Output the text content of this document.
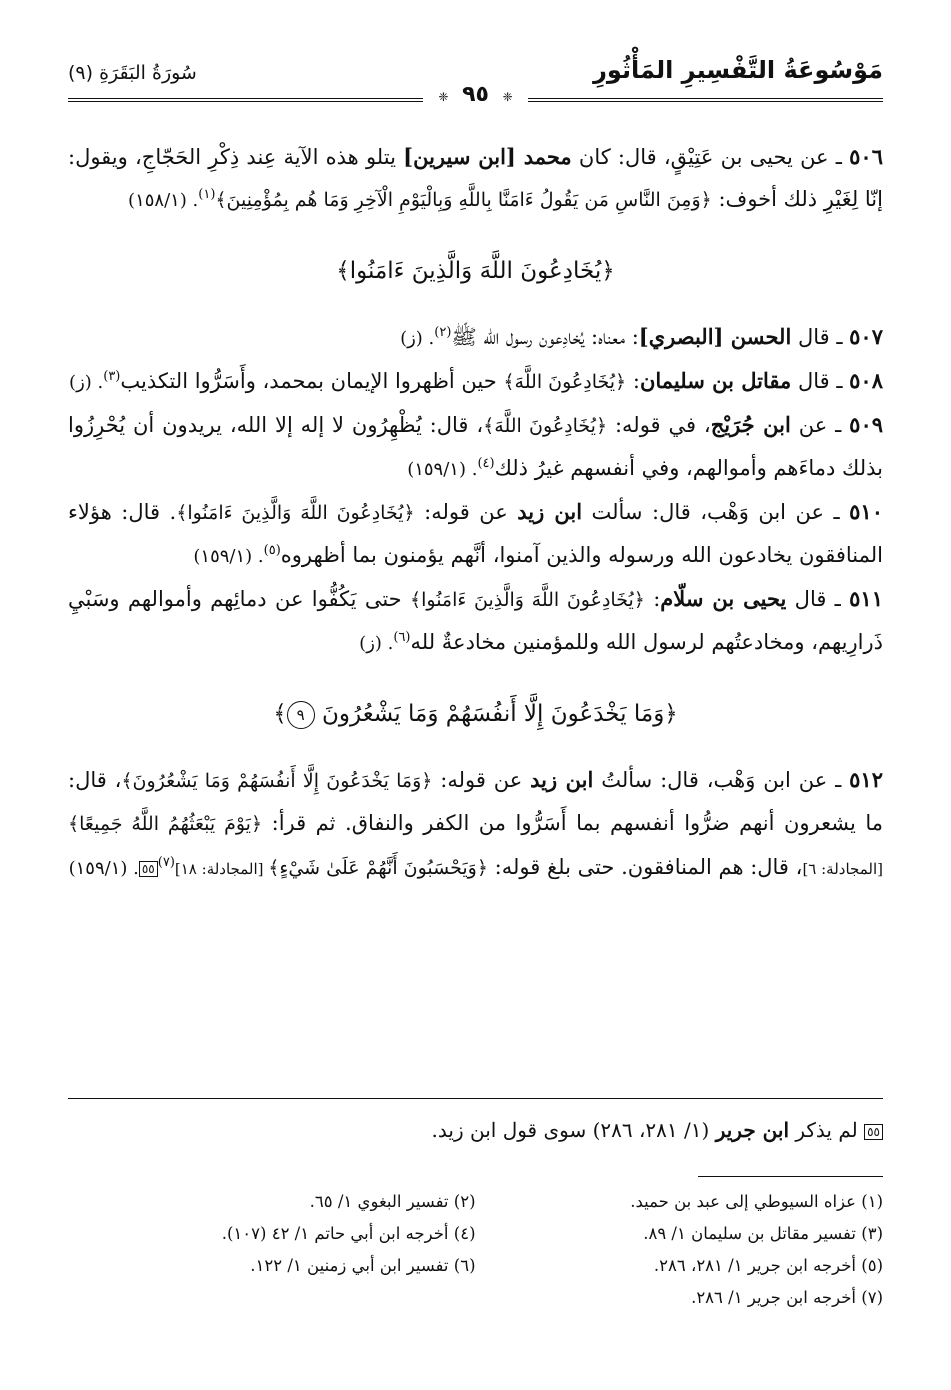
سُورَةُ البَقَرَةِ (٩)	مَوْسُوعَةُ التَّفْسِيرِ المَأْثُورِ
❈ ٩٥ ❈

٥٠٦ ـ عن يحيى بن عَتِيْقٍ، قال: كان محمد [ابن سيرين] يتلو هذه الآية عِند ذِكْرِ الحَجّاجِ، ويقول: إنّا لِغَيْرِ ذلك أخوف: ﴿وَمِنَ النَّاسِ مَن يَقُولُ ءَامَنَّا بِاللَّهِ وَبِالْيَوْمِ الْآخِرِ وَمَا هُم بِمُؤْمِنِينَ﴾$^{(١)}$. (١٥٨/١)

﴿يُخَادِعُونَ اللَّهَ وَالَّذِينَ ءَامَنُوا﴾

٥٠٧ ـ قال الحسن [البصري]: معناه: يُخادِعون رسول الله ﷺ$^{(٢)}$. (ز)

٥٠٨ ـ قال مقاتل بن سليمان: ﴿يُخَادِعُونَ اللَّهَ﴾ حين أظهروا الإيمان بمحمد، وأَسَرُّوا التكذيب$^{(٣)}$. (ز)

٥٠٩ ـ عن ابن جُرَيْج، في قوله: ﴿يُخَادِعُونَ اللَّهَ﴾، قال: يُظْهِرُون لا إله إلا الله، يريدون أن يُحْرِزُوا بذلك دماءَهم وأموالهم، وفي أنفسهم غيرُ ذلك$^{(٤)}$. (١٥٩/١)

٥١٠ ـ عن ابن وَهْب، قال: سألت ابن زيد عن قوله: ﴿يُخَادِعُونَ اللَّهَ وَالَّذِينَ ءَامَنُوا﴾. قال: هؤلاء المنافقون يخادعون الله ورسوله والذين آمنوا، أنَّهم يؤمنون بما أظهروه$^{(٥)}$. (١٥٩/١)

٥١١ ـ قال يحيى بن سلّام: ﴿يُخَادِعُونَ اللَّهَ وَالَّذِينَ ءَامَنُوا﴾ حتى يَكُفُّوا عن دمائِهم وأموالهم وسَبْيِ ذَرارِيهم، ومخادعتُهم لرسول الله وللمؤمنين مخادعةٌ لله$^{(٦)}$. (ز)

﴿وَمَا يَخْدَعُونَ إِلَّا أَنفُسَهُمْ وَمَا يَشْعُرُونَ ٩﴾

٥١٢ ـ عن ابن وَهْب، قال: سألتُ ابن زيد عن قوله: ﴿وَمَا يَخْدَعُونَ إِلَّا أَنفُسَهُمْ وَمَا يَشْعُرُونَ﴾، قال: ما يشعرون أنهم ضرُّوا أنفسهم بما أَسَرُّوا من الكفر والنفاق. ثم قرأ: ﴿يَوْمَ يَبْعَثُهُمُ اللَّهُ جَمِيعًا﴾ [المجادلة: ٦]، قال: هم المنافقون. حتى بلغ قوله: ﴿وَيَحْسَبُونَ أَنَّهُمْ عَلَىٰ شَيْءٍ﴾ [المجادلة: ١٨]$^{(٧)}$٥٥. (١٥٩/١)

٥٥ لم يذكر ابن جرير (١/ ٢٨١، ٢٨٦) سوى قول ابن زيد.
(١) عزاه السيوطي إلى عبد بن حميد.
(٢) تفسير البغوي ١/ ٦٥.
(٣) تفسير مقاتل بن سليمان ١/ ٨٩.
(٤) أخرجه ابن أبي حاتم ١/ ٤٢ (١٠٧).
(٥) أخرجه ابن جرير ١/ ٢٨١، ٢٨٦.
(٦) تفسير ابن أبي زمنين ١/ ١٢٢.
(٧) أخرجه ابن جرير ١/ ٢٨٦.
